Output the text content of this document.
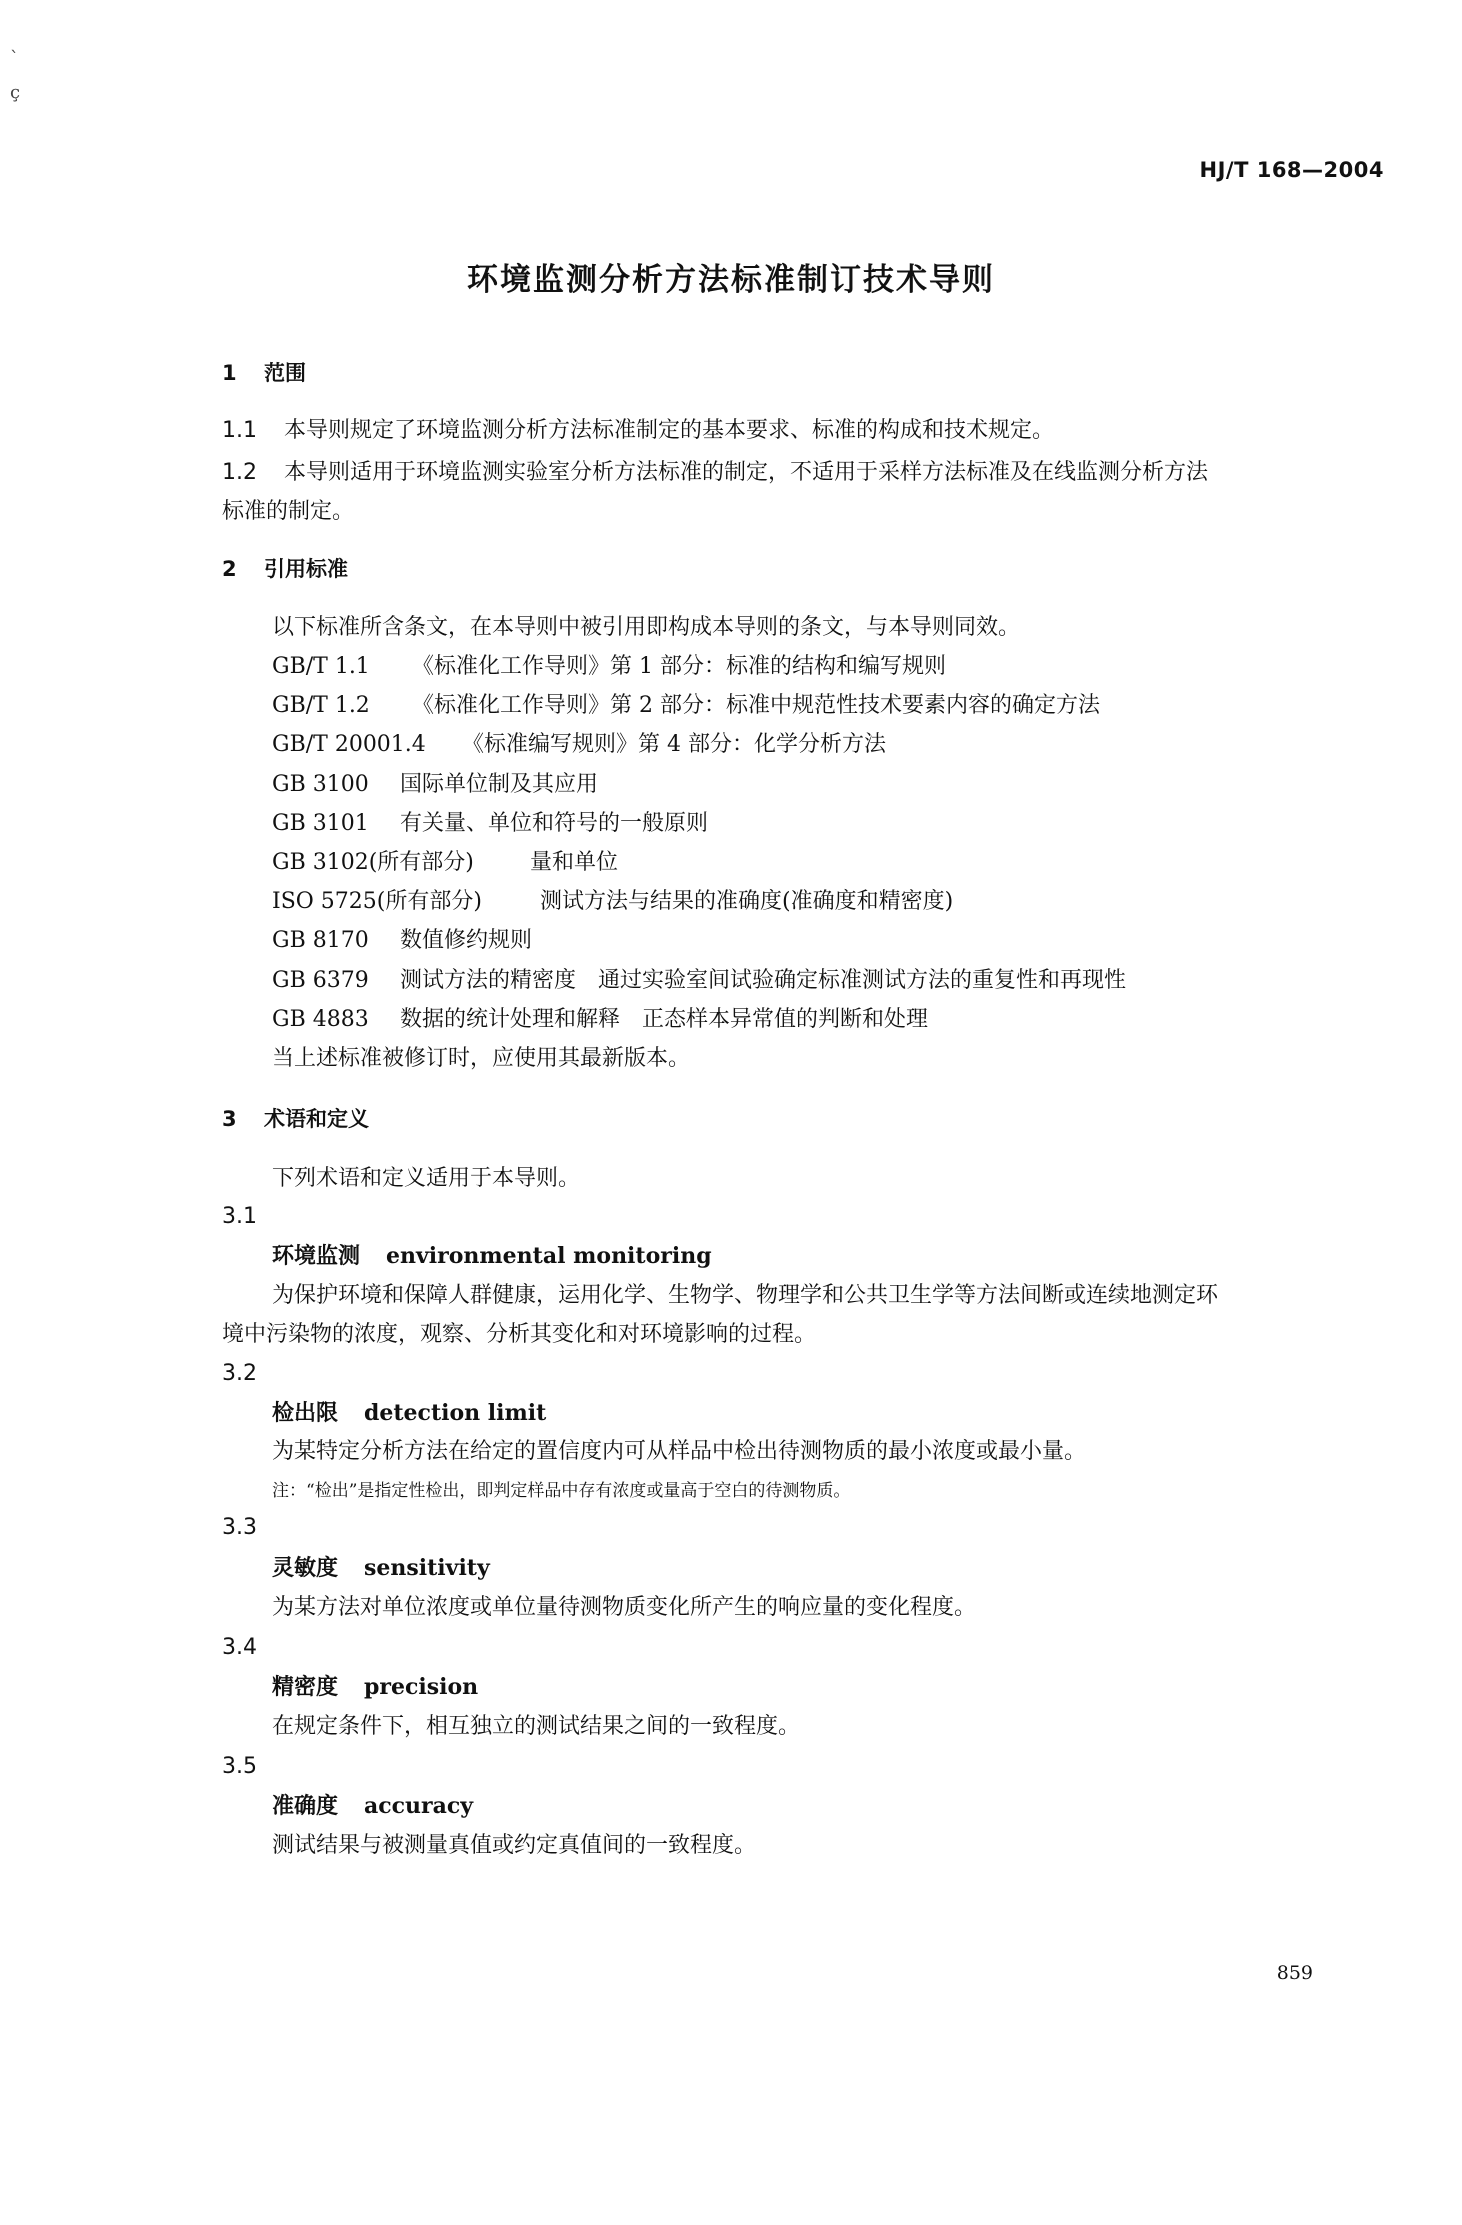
`
ç
HJ/T 168—2004
环境监测分析方法标准制订技术导则
1 范围
1.1 本导则规定了环境监测分析方法标准制定的基本要求、标准的构成和技术规定。
1.2 本导则适用于环境监测实验室分析方法标准的制定，不适用于采样方法标准及在线监测分析方法
标准的制定。
2 引用标准
以下标准所含条文，在本导则中被引用即构成本导则的条文，与本导则同效。
GB/T 1.1 《标准化工作导则》第 1 部分：标准的结构和编写规则
GB/T 1.2 《标准化工作导则》第 2 部分：标准中规范性技术要素内容的确定方法
GB/T 20001.4 《标准编写规则》第 4 部分：化学分析方法
GB 3100 国际单位制及其应用
GB 3101 有关量、单位和符号的一般原则
GB 3102(所有部分)	量和单位
ISO 5725(所有部分)	测试方法与结果的准确度(准确度和精密度)
GB 8170 数值修约规则
GB 6379 测试方法的精密度　通过实验室间试验确定标准测试方法的重复性和再现性
GB 4883 数据的统计处理和解释　正态样本异常值的判断和处理
当上述标准被修订时，应使用其最新版本。
3 术语和定义
下列术语和定义适用于本导则。
3.1
环境监测 environmental monitoring
为保护环境和保障人群健康，运用化学、生物学、物理学和公共卫生学等方法间断或连续地测定环
境中污染物的浓度，观察、分析其变化和对环境影响的过程。
3.2
检出限 detection limit
为某特定分析方法在给定的置信度内可从样品中检出待测物质的最小浓度或最小量。
注：“检出”是指定性检出，即判定样品中存有浓度或量高于空白的待测物质。
3.3
灵敏度 sensitivity
为某方法对单位浓度或单位量待测物质变化所产生的响应量的变化程度。
3.4
精密度 precision
在规定条件下，相互独立的测试结果之间的一致程度。
3.5
准确度 accuracy
测试结果与被测量真值或约定真值间的一致程度。
859
